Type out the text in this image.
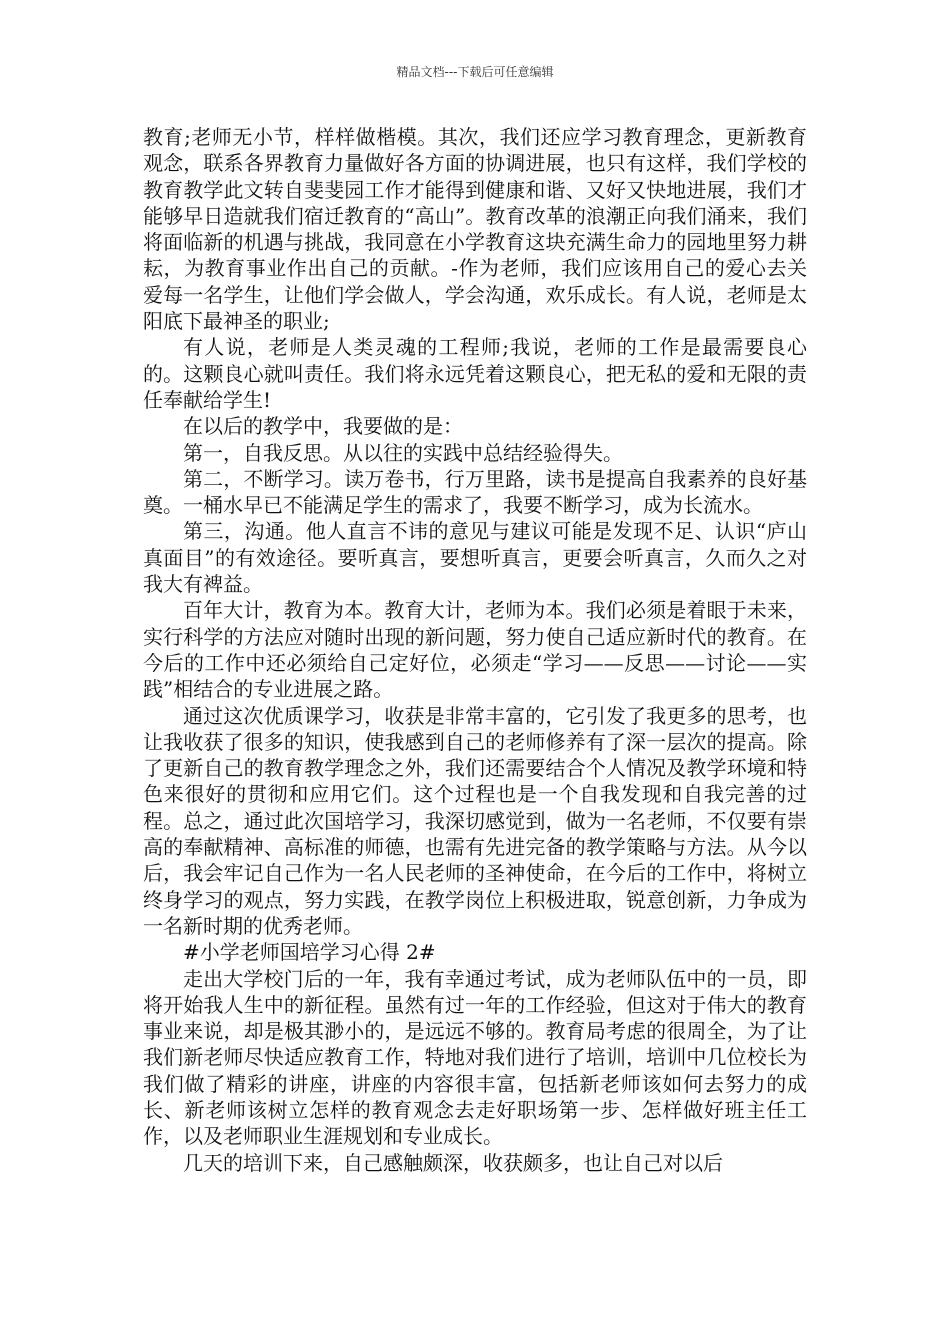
精品文档---下载后可任意编辑

教育;老师无小节，样样做楷模。其次，我们还应学习教育理念，更新教育观念，联系各界教育力量做好各方面的协调进展，也只有这样，我们学校的教育教学此文转自斐斐园工作才能得到健康和谐、又好又快地进展，我们才能够早日造就我们宿迁教育的“高山”。教育改革的浪潮正向我们涌来，我们将面临新的机遇与挑战，我同意在小学教育这块充满生命力的园地里努力耕耘，为教育事业作出自己的贡献。-作为老师，我们应该用自己的爱心去关爱每一名学生，让他们学会做人，学会沟通，欢乐成长。有人说，老师是太阳底下最神圣的职业;

有人说，老师是人类灵魂的工程师;我说，老师的工作是最需要良心的。这颗良心就叫责任。我们将永远凭着这颗良心，把无私的爱和无限的责任奉献给学生!

在以后的教学中，我要做的是：

第一，自我反思。从以往的实践中总结经验得失。

第二，不断学习。读万卷书，行万里路，读书是提高自我素养的良好基奠。一桶水早已不能满足学生的需求了，我要不断学习，成为长流水。

第三，沟通。他人直言不讳的意见与建议可能是发现不足、认识“庐山真面目”的有效途径。要听真言，要想听真言，更要会听真言，久而久之对我大有裨益。

百年大计，教育为本。教育大计，老师为本。我们必须是着眼于未来，实行科学的方法应对随时出现的新问题，努力使自己适应新时代的教育。在今后的工作中还必须给自己定好位，必须走“学习——反思——讨论——实践”相结合的专业进展之路。

通过这次优质课学习，收获是非常丰富的，它引发了我更多的思考，也让我收获了很多的知识，使我感到自己的老师修养有了深一层次的提高。除了更新自己的教育教学理念之外，我们还需要结合个人情况及教学环境和特色来很好的贯彻和应用它们。这个过程也是一个自我发现和自我完善的过程。总之，通过此次国培学习，我深切感觉到，做为一名老师，不仅要有崇高的奉献精神、高标准的师德，也需有先进完备的教学策略与方法。从今以后，我会牢记自己作为一名人民老师的圣神使命，在今后的工作中，将树立终身学习的观点，努力实践，在教学岗位上积极进取，锐意创新，力争成为一名新时期的优秀老师。

#小学老师国培学习心得 2#

走出大学校门后的一年，我有幸通过考试，成为老师队伍中的一员，即将开始我人生中的新征程。虽然有过一年的工作经验，但这对于伟大的教育事业来说，却是极其渺小的，是远远不够的。教育局考虑的很周全，为了让我们新老师尽快适应教育工作，特地对我们进行了培训，培训中几位校长为我们做了精彩的讲座，讲座的内容很丰富，包括新老师该如何去努力的成长、新老师该树立怎样的教育观念去走好职场第一步、怎样做好班主任工作，以及老师职业生涯规划和专业成长。

几天的培训下来，自己感触颇深，收获颇多，也让自己对以后
